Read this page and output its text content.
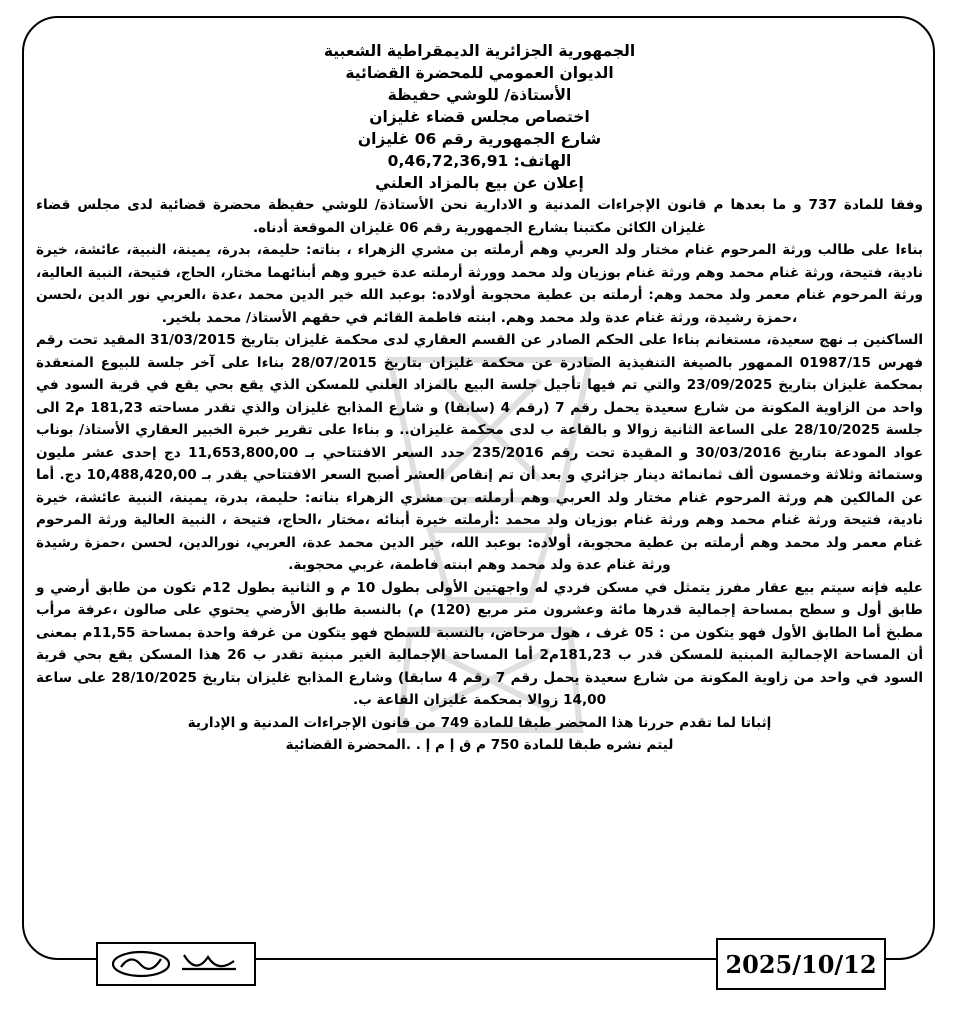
الجمهورية الجزائرية الديمقراطية الشعبية

الديوان العمومي للمحضرة القضائية

الأستاذة/ للوشي حفيظة

اختصاص مجلس قضاء غليزان

شارع الجمهورية رقم 06 غليزان

الهاتف: 0,46,72,36,91

إعلان عن بيع بالمزاد العلني

وفقا للمادة 737 و ما بعدها م قانون الإجراءات المدنية و الادارية نحن الأستاذة/ للوشي حفيظة محضرة قضائية لدى مجلس قضاء غليزان الكائن مكتبنا بشارع الجمهورية رقم 06 غليزان الموقعة أدناه.

بناءا على طالب ورثة المرحوم غنام مختار ولد العربي وهم أرملته بن مشري الزهراء ، بناته: حليمة، بدرة، يمينة، النبية، عائشة، خيرة نادية، فتيحة، ورثة غنام محمد وهم ورثة غنام بوزيان ولد محمد وورثة أرملته عدة خيرو وهم أبنائهما مختار، الحاج، فتيحة، النبية العالية، ورثة المرحوم غنام معمر ولد محمد وهم: أرملته بن عطية محجوبة أولاده: بوعبد الله خير الدين محمد ،عدة ،العربي نور الدين ،لحسن ،حمزة رشيدة، ورثة غنام عدة ولد محمد وهم. ابنته فاطمة القائم في حقهم الأستاذ/ محمد بلخير.

الساكنين بـ نهج سعيدة، مستغانم بناءا على الحكم الصادر عن القسم العقاري لدى محكمة غليزان بتاريخ 31/03/2015 المقيد تحت رقم فهرس 01987/15 الممهور بالصيغة التنفيذية الصادرة عن محكمة غليزان بتاريخ 28/07/2015 بناءا على آخر جلسة للبيوع المنعقدة بمحكمة غليزان بتاريخ 23/09/2025 والتي تم فيها تأجيل جلسة البيع بالمزاد العلني للمسكن الذي يقع بحي يقع في قرية السود في واحد من الزاوية المكونة من شارع سعيدة يحمل رقم 7 (رقم 4 (سابقا) و شارع المذابح غليزان والذي تقدر مساحته 181,23 م2 الى جلسة 28/10/2025 على الساعة الثانية زوالا و بالقاعة ب لدى محكمة غليزان.. و بناءا على تقرير خبرة الخبير العقاري الأستاذ/ بوناب عواد المودعة بتاريخ 30/03/2016 و المقيدة تحت رقم 235/2016 حدد السعر الافتتاحي بـ 11,653,800,00 دج إحدى عشر مليون وستمائة وثلاثة وخمسون ألف ثمانمائة دينار جزائري و بعد أن تم إنقاص العشر أصبح السعر الافتتاحي يقدر بـ 10,488,420,00 دج. أما عن المالكين هم ورثة المرحوم غنام مختار ولد العربي وهم أرملته بن مشري الزهراء بناته: حليمة، بدرة، يمينة، النبية عائشة، خيرة نادية، فتيحة ورثة غنام محمد وهم ورثة غنام بوزيان ولد محمد :أرملته خيرة أبنائه ،مختار ،الحاج، فتيحة ، النبية العالية ورثة المرحوم غنام معمر ولد محمد وهم أرملته بن عطية محجوبة، أولاده: بوعبد الله، خير الدين محمد عدة، العربي، نورالدين، لحسن ،حمزة رشيدة ورثة غنام عدة ولد محمد وهم ابنته فاطمة، غربي محجوبة.

عليه فإنه سيتم بيع عقار مفرز يتمثل في مسكن فردي له واجهتين الأولى بطول 10 م و الثانية بطول 12م تكون من طابق أرضي و طابق أول و سطح بمساحة إجمالية قدرها مائة وعشرون متر مربع (120) م) بالنسبة طابق الأرضي يحتوي على صالون ،عرفة مرأب مطبخ أما الطابق الأول فهو يتكون من : 05 غرف ، هول مرحاض، بالنسبة للسطح فهو يتكون من غرفة واحدة بمساحة 11,55م بمعنى أن المساحة الإجمالية المبنية للمسكن قدر ب 181,23م2 أما المساحة الإجمالية الغير مبنية تقدر ب 26 هذا المسكن يقع بحي قرية السود في واحد من زاوية المكونة من شارع سعيدة يحمل رقم 7 رقم 4 سابقا) وشارع المذابح غليزان بتاريخ 28/10/2025 على ساعة 14,00 زوالا بمحكمة غليزان القاعة ب.

إثباتا لما تقدم حررنا هذا المحضر طبقا للمادة 749 من قانون الإجراءات المدنية و الإدارية

ليتم نشره طبقا للمادة 750 م ق إ م إ . .المحضرة القضائية

2025/10/12
